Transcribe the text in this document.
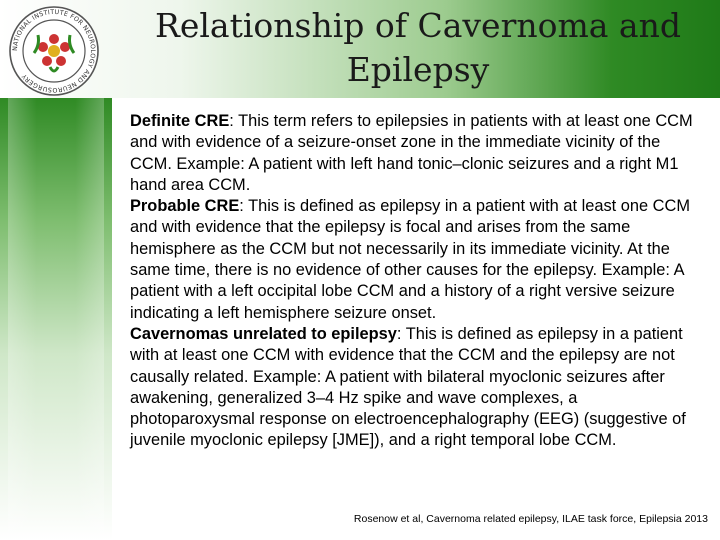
NATIONAL INSTITUTE FOR NEUROLOGY AND NEUROSURGERY
Relationship of Cavernoma and
Epilepsy

Definite CRE: This term refers to epilepsies in patients with at least one CCM and with evidence of a seizure-onset zone in the immediate vicinity of the CCM. Example: A patient with left hand tonic–clonic seizures and a right M1 hand area CCM.

Probable CRE: This is defined as epilepsy in a patient with at least one CCM and with evidence that the epilepsy is focal and arises from the same hemisphere as the CCM but not necessarily in its immediate vicinity. At the same time, there is no evidence of other causes for the epilepsy. Example: A patient with a left occipital lobe CCM and a history of a right versive seizure indicating a left hemisphere seizure onset.

Cavernomas unrelated to epilepsy: This is defined as epilepsy in a patient with at least one CCM with evidence that the CCM and the epilepsy are not causally related. Example: A patient with bilateral myoclonic seizures after awakening, generalized 3–4 Hz spike and wave complexes, a photoparoxysmal response on electroencephalography (EEG) (suggestive of juvenile myoclonic epilepsy [JME]), and a right temporal lobe CCM.

Rosenow et al, Cavernoma related epilepsy, ILAE task force, Epilepsia 2013
